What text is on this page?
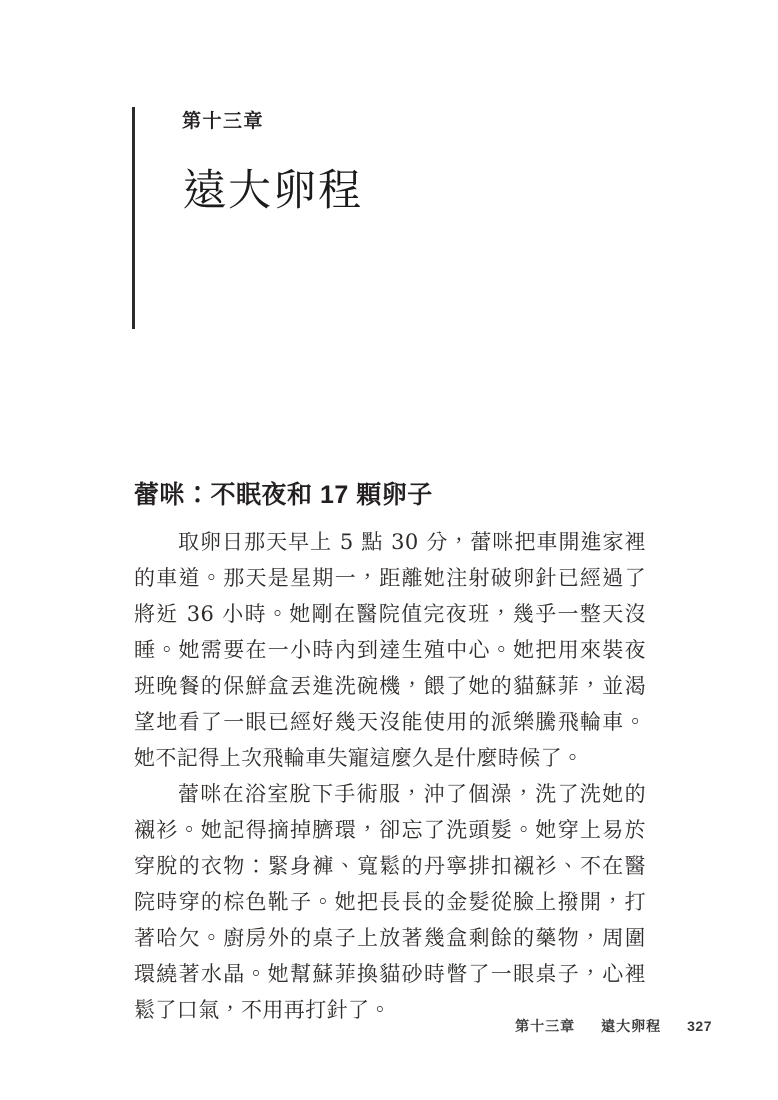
第十三章
遠大卵程
蕾咪：不眠夜和 17 顆卵子

取卵日那天早上 5 點 30 分，蕾咪把車開進家裡的車道。那天是星期一，距離她注射破卵針已經過了將近 36 小時。她剛在醫院值完夜班，幾乎一整天沒睡。她需要在一小時內到達生殖中心。她把用來裝夜班晚餐的保鮮盒丟進洗碗機，餵了她的貓蘇菲，並渴望地看了一眼已經好幾天沒能使用的派樂騰飛輪車。她不記得上次飛輪車失寵這麼久是什麼時候了。

蕾咪在浴室脫下手術服，沖了個澡，洗了洗她的襯衫。她記得摘掉臍環，卻忘了洗頭髮。她穿上易於穿脫的衣物：緊身褲、寬鬆的丹寧排扣襯衫、不在醫院時穿的棕色靴子。她把長長的金髮從臉上撥開，打著哈欠。廚房外的桌子上放著幾盒剩餘的藥物，周圍環繞著水晶。她幫蘇菲換貓砂時瞥了一眼桌子，心裡鬆了口氣，不用再打針了。

第十三章 遠大卵程 327
